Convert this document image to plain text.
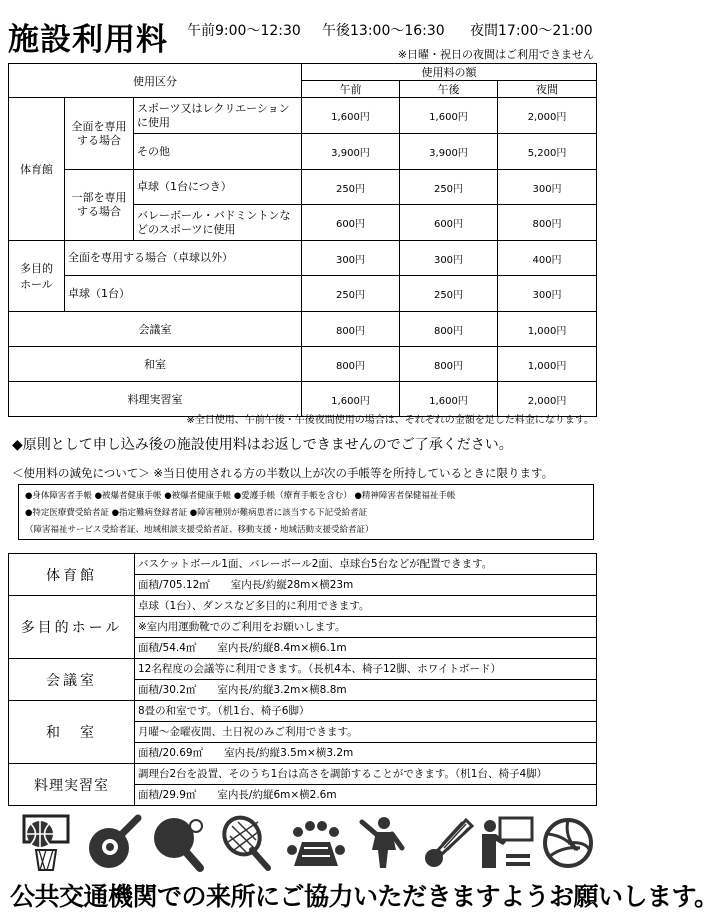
施設利用料 午前9:00～12:30 午後13:00～16:30 夜間17:00～21:00
※日曜・祝日の夜間はご利用できません
使用区分			使用料の額		
			午前	午後	夜間
体育館	全面を専用する場合	スポーツ又はレクリエーションに使用	1,600円	1,600円	2,000円
		その他	3,900円	3,900円	5,200円
	一部を専用する場合	卓球（1台につき）	250円	250円	300円
		バレーボール・バドミントンなどのスポーツに使用	600円	600円	800円
多目的ホール	全面を専用する場合（卓球以外）		300円	300円	400円
	卓球（1台）		250円	250円	300円
会議室			800円	800円	1,000円
和室			800円	800円	1,000円
料理実習室			1,600円	1,600円	2,000円
※全日使用、午前午後・午後夜間使用の場合は、それぞれの金額を足した料金になります。
◆原則として申し込み後の施設使用料はお返しできませんのでご了承ください。
＜使用料の減免について＞ ※当日使用される方の半数以上が次の手帳等を所持しているときに限ります。
●身体障害者手帳 ●被爆者健康手帳 ●被爆者健康手帳 ●愛護手帳（療育手帳を含む） ●精神障害者保健福祉手帳
●特定医療費受給者証 ●指定難病登録者証 ●障害種別が難病患者に該当する下記受給者証
（障害福祉サービス受給者証、地域相談支援受給者証、移動支援・地域活動支援受給者証）
体育館	バスケットボール1面、バレーボール2面、卓球台5台などが配置できます。
	面積/705.12㎡　　室内長/約縦28m×横23m
多目的ホール	卓球（1台）、ダンスなど多目的に利用できます。
	※室内用運動靴でのご利用をお願いします。
	面積/54.4㎡　　室内長/約縦8.4m×横6.1m
会議室	12名程度の会議等に利用できます。（長机4本、椅子12脚、ホワイトボード）
	面積/30.2㎡　　室内長/約縦3.2m×横8.8m
和　室	8畳の和室です。（机1台、椅子6脚）
	月曜～金曜夜間、土日祝のみご利用できます。
	面積/20.69㎡　　室内長/約縦3.5m×横3.2m
料理実習室	調理台2台を設置、そのうち1台は高さを調節することができます。（机1台、椅子4脚）
	面積/29.9㎡　　室内長/約縦6m×横2.6m
公共交通機関での来所にご協力いただきますようお願いします。
